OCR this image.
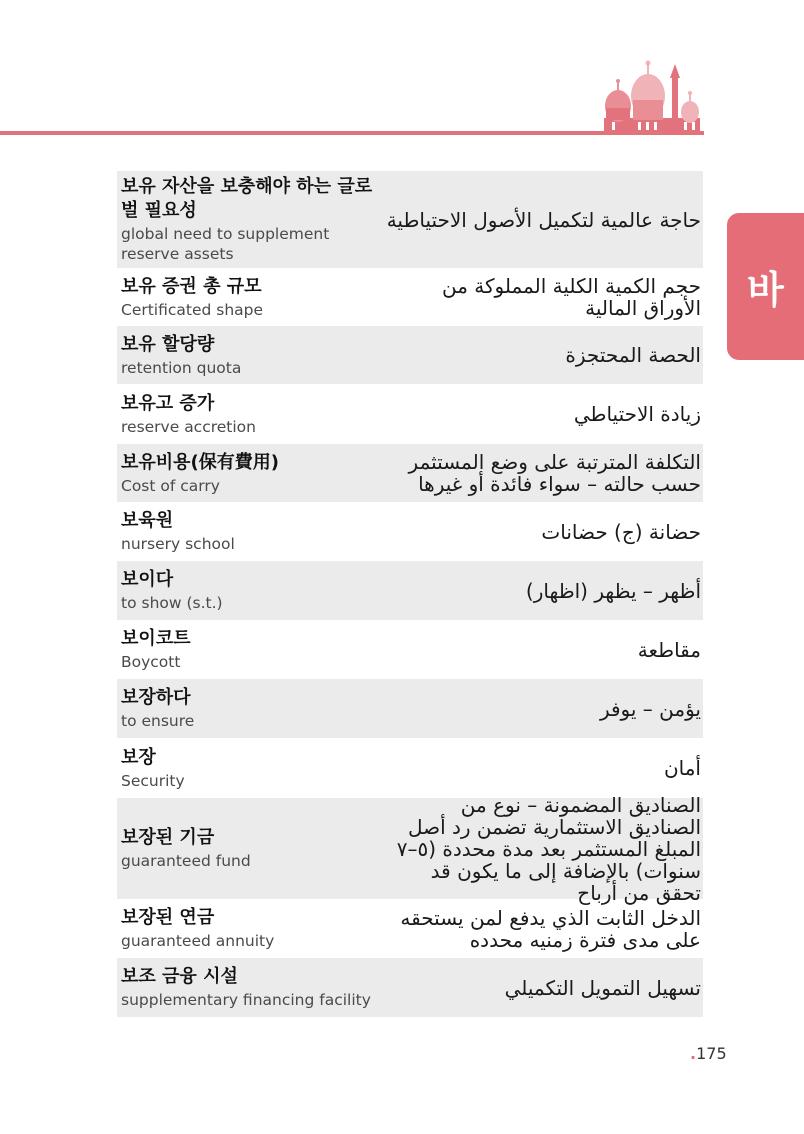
바
보유 자산을 보충해야 하는 글로벌 필요성
global need to supplement reserve assets
حاجة عالمية لتكميل الأصول الاحتياطية
보유 증권 총 규모
Certificated shape
حجم الكمية الكلية المملوكة من الأوراق المالية
보유 할당량
retention quota
الحصة المحتجزة
보유고 증가
reserve accretion
زيادة الاحتياطي
보유비용(保有費用)
Cost of carry
التكلفة المترتبة على وضع المستثمر حسب حالته – سواء فائدة أو غيرها
보육원
nursery school
حضانة (ج) حضانات
보이다
to show (s.t.)
أظهر – يظهر (اظهار)
보이코트
Boycott
مقاطعة
보장하다
to ensure
يؤمن – يوفر
보장
Security
أمان
보장된 기금
guaranteed fund
الصناديق المضمونة – نوع من الصناديق الاستثمارية تضمن رد أصل المبلغ المستثمر بعد مدة محددة (٥–٧ سنوات) بالإضافة إلى ما يكون قد تحقق من أرباح
보장된 연금
guaranteed annuity
الدخل الثابت الذي يدفع لمن يستحقه على مدى فترة زمنيه محدده
보조 금융 시설
supplementary financing facility
تسهيل التمويل التكميلي
.175
